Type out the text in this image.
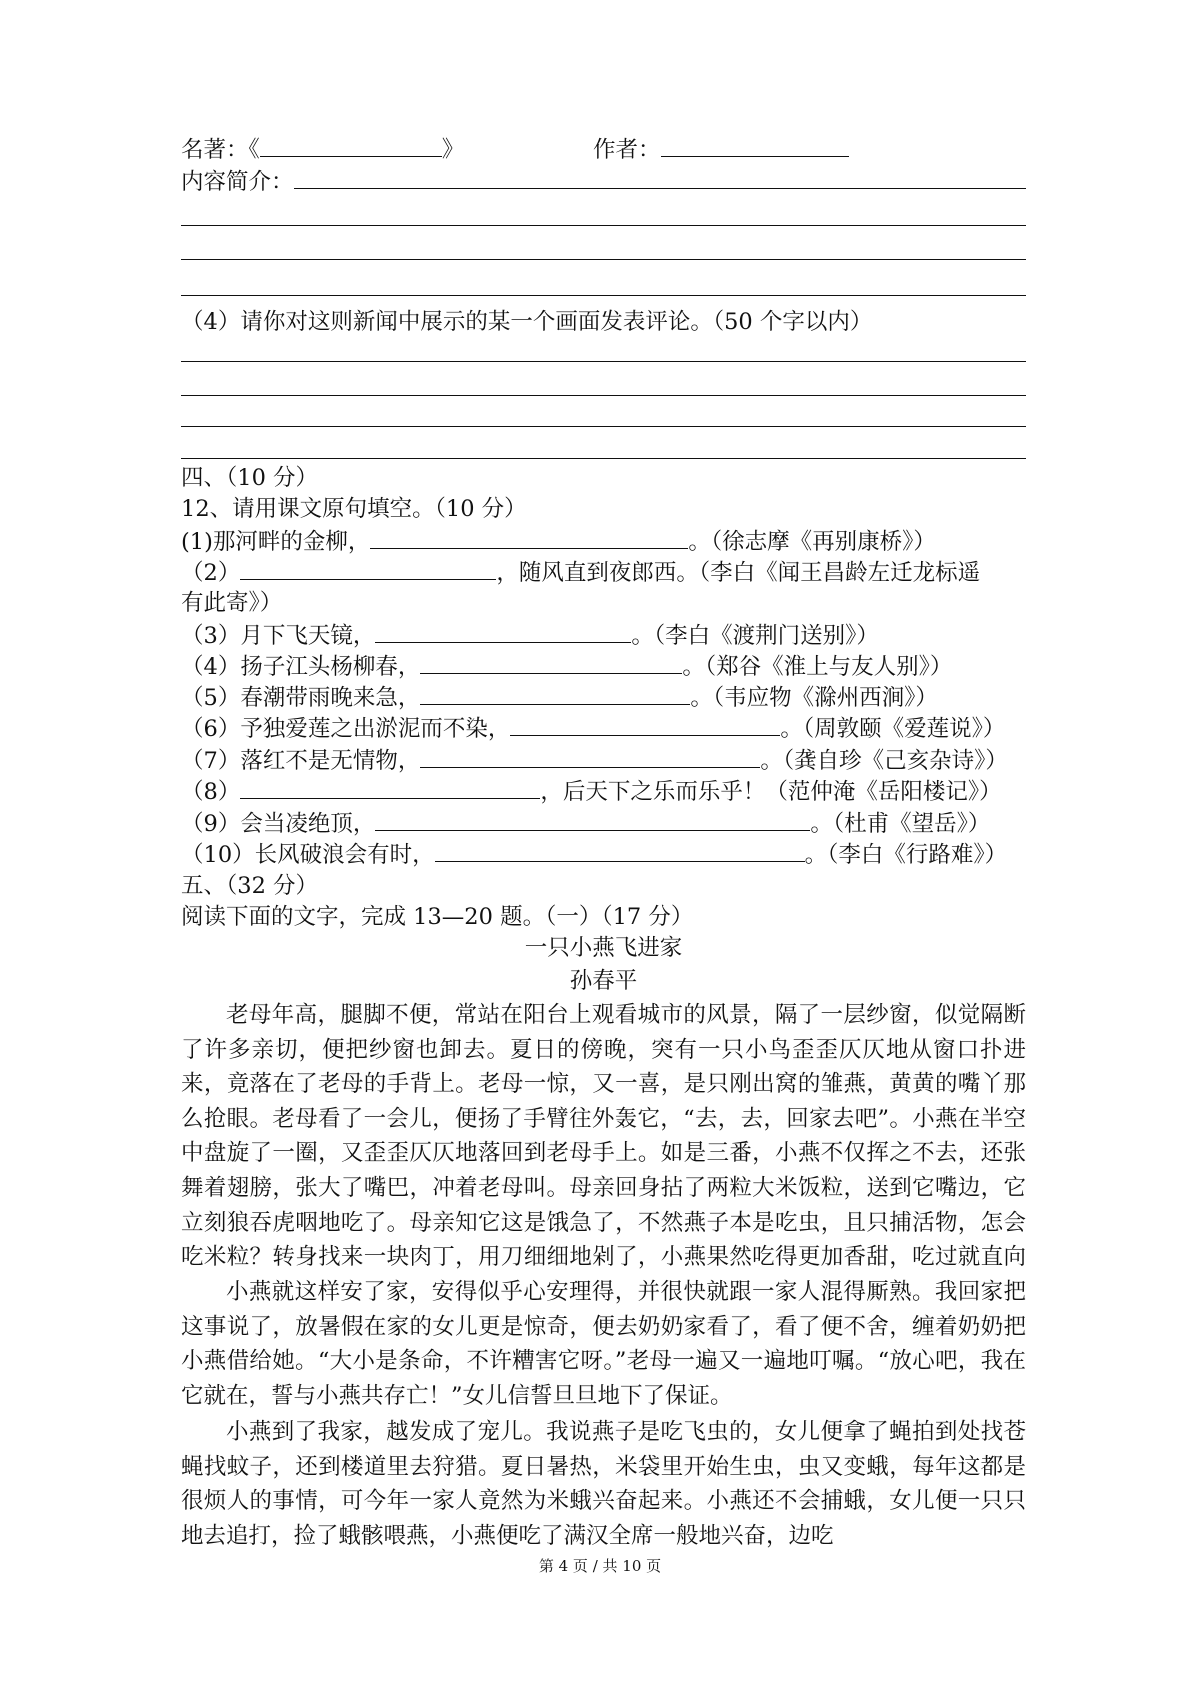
名著：《	》	作者：
内容简介：
（4）请你对这则新闻中展示的某一个画面发表评论。（50 个字以内）
四、（10 分）
12、请用课文原句填空。（10 分）
(1)那河畔的金柳，	。（徐志摩《再别康桥》）
（2）	，随风直到夜郎西。（李白《闻王昌龄左迁龙标遥
有此寄》）
（3）月下飞天镜，	。（李白《渡荆门送别》）
（4）扬子江头杨柳春，	。（郑谷《淮上与友人别》）
（5）春潮带雨晚来急，	。（韦应物《滁州西涧》）
（6）予独爱莲之出淤泥而不染，	。（周敦颐《爱莲说》）
（7）落红不是无情物，	。（龚自珍《己亥杂诗》）
（8）	，后天下之乐而乐乎！（范仲淹《岳阳楼记》）
（9）会当凌绝顶，	。（杜甫《望岳》）
（10）长风破浪会有时，	。（李白《行路难》）
五、（32 分）
阅读下面的文字，完成 13—20 题。（一）（17 分）
一只小燕飞进家
孙春平
老母年高，腿脚不便，常站在阳台上观看城市的风景，隔了一层纱窗，似觉隔断了许多亲切，便把纱窗也卸去。夏日的傍晚，突有一只小鸟歪歪仄仄地从窗口扑进来，竟落在了老母的手背上。老母一惊，又一喜，是只刚出窝的雏燕，黄黄的嘴丫那么抢眼。老母看了一会儿，便扬了手臂往外轰它，“去，去，回家去吧”。小燕在半空中盘旋了一圈，又歪歪仄仄地落回到老母手上。如是三番，小燕不仅挥之不去，还张舞着翅膀，张大了嘴巴，冲着老母叫。母亲回身拈了两粒大米饭粒，送到它嘴边，它立刻狼吞虎咽地吃了。母亲知它这是饿急了，不然燕子本是吃虫，且只捕活物，怎会吃米粒？转身找来一块肉丁，用刀细细地剁了，小燕果然吃得更加香甜，吃过就直向
小燕就这样安了家，安得似乎心安理得，并很快就跟一家人混得厮熟。我回家把这事说了，放暑假在家的女儿更是惊奇，便去奶奶家看了，看了便不舍，缠着奶奶把小燕借给她。“大小是条命，不许糟害它呀。”老母一遍又一遍地叮嘱。“放心吧，我在它就在，誓与小燕共存亡！”女儿信誓旦旦地下了保证。
小燕到了我家，越发成了宠儿。我说燕子是吃飞虫的，女儿便拿了蝇拍到处找苍蝇找蚊子，还到楼道里去狩猎。夏日暑热，米袋里开始生虫，虫又变蛾，每年这都是很烦人的事情，可今年一家人竟然为米蛾兴奋起来。小燕还不会捕蛾，女儿便一只只地去追打，捡了蛾骸喂燕，小燕便吃了满汉全席一般地兴奋，边吃
第 4 页 / 共 10 页
